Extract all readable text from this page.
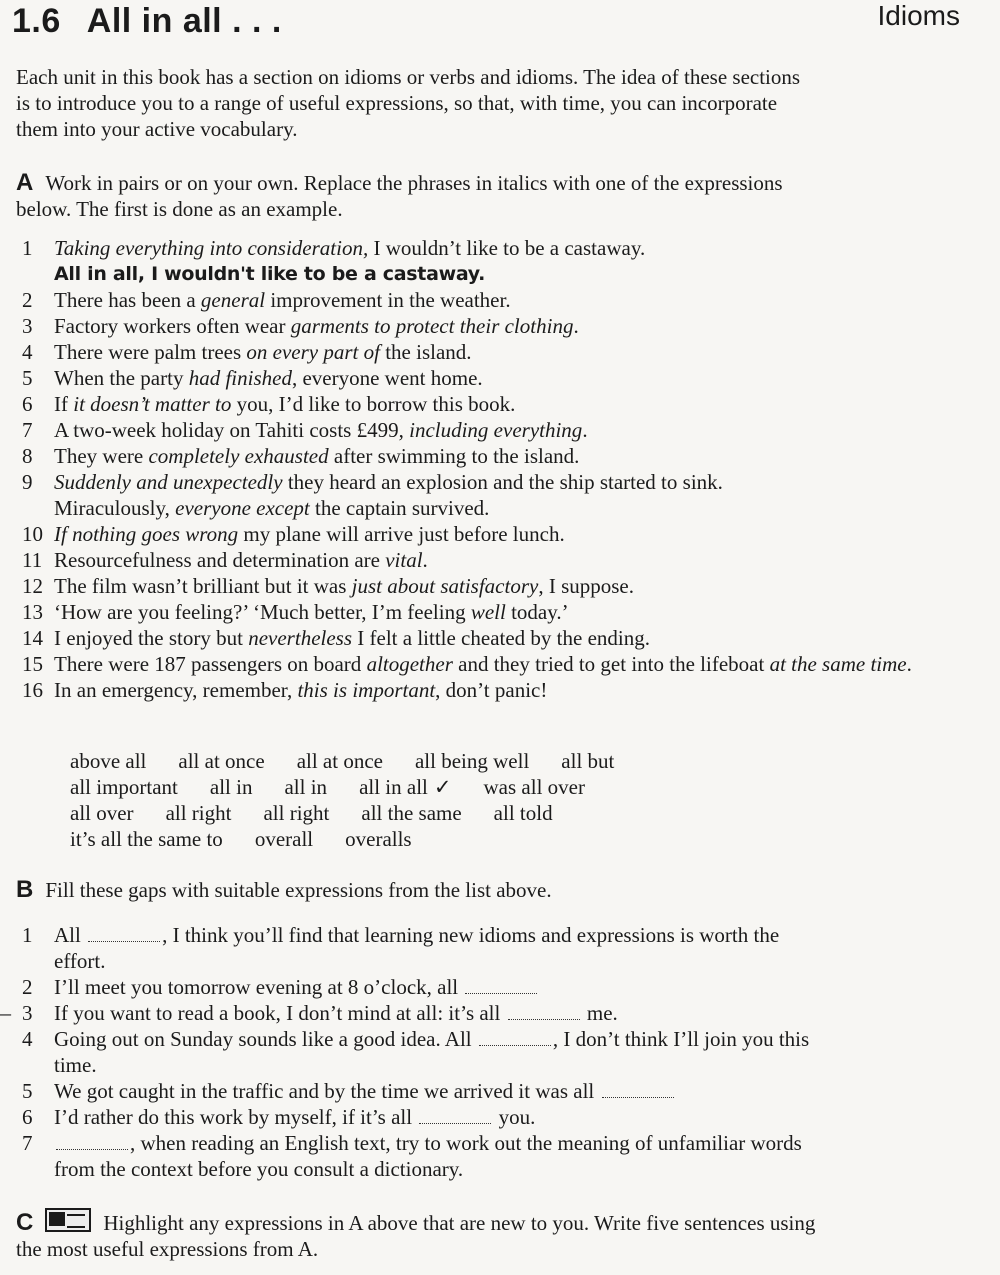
1.6 All in all . . .	Idioms
Each unit in this book has a section on idioms or verbs and idioms. The idea of these sections is to introduce you to a range of useful expressions, so that, with time, you can incorporate them into your active vocabulary.
A Work in pairs or on your own. Replace the phrases in italics with one of the expressions below. The first is done as an example.
1	Taking everything into consideration, I wouldn’t like to be a castaway.
All in all, I wouldn't like to be a castaway.
2	There has been a general improvement in the weather.
3	Factory workers often wear garments to protect their clothing.
4	There were palm trees on every part of the island.
5	When the party had finished, everyone went home.
6	If it doesn’t matter to you, I’d like to borrow this book.
7	A two-week holiday on Tahiti costs £499, including everything.
8	They were completely exhausted after swimming to the island.
9	Suddenly and unexpectedly they heard an explosion and the ship started to sink.
Miraculously, everyone except the captain survived.
10 If nothing goes wrong my plane will arrive just before lunch.
11 Resourcefulness and determination are vital.
12 The film wasn’t brilliant but it was just about satisfactory, I suppose.
13 ‘How are you feeling?’ ‘Much better, I’m feeling well today.’
14 I enjoyed the story but nevertheless I felt a little cheated by the ending.
15 There were 187 passengers on board altogether and they tried to get into the lifeboat at the same time.
16 In an emergency, remember, this is important, don’t panic!
above all all at once all at once all being well all but
all important all in all in all in all ✓ was all over
all over all right all right all the same all told
it’s all the same to overall overalls
B Fill these gaps with suitable expressions from the list above.
–
1	All	, I think you’ll find that learning new idioms and expressions is worth the
effort.
2	I’ll meet you tomorrow evening at 8 o’clock, all
3	If you want to read a book, I don’t mind at all: it’s all	me.
4	Going out on Sunday sounds like a good idea. All	, I don’t think I’ll join you this
time.
5	We got caught in the traffic and by the time we arrived it was all
6	I’d rather do this work by myself, if it’s all	you.
7	, when reading an English text, try to work out the meaning of unfamiliar words
from the context before you consult a dictionary.
C	Highlight any expressions in A above that are new to you. Write five sentences using the most useful expressions from A.
